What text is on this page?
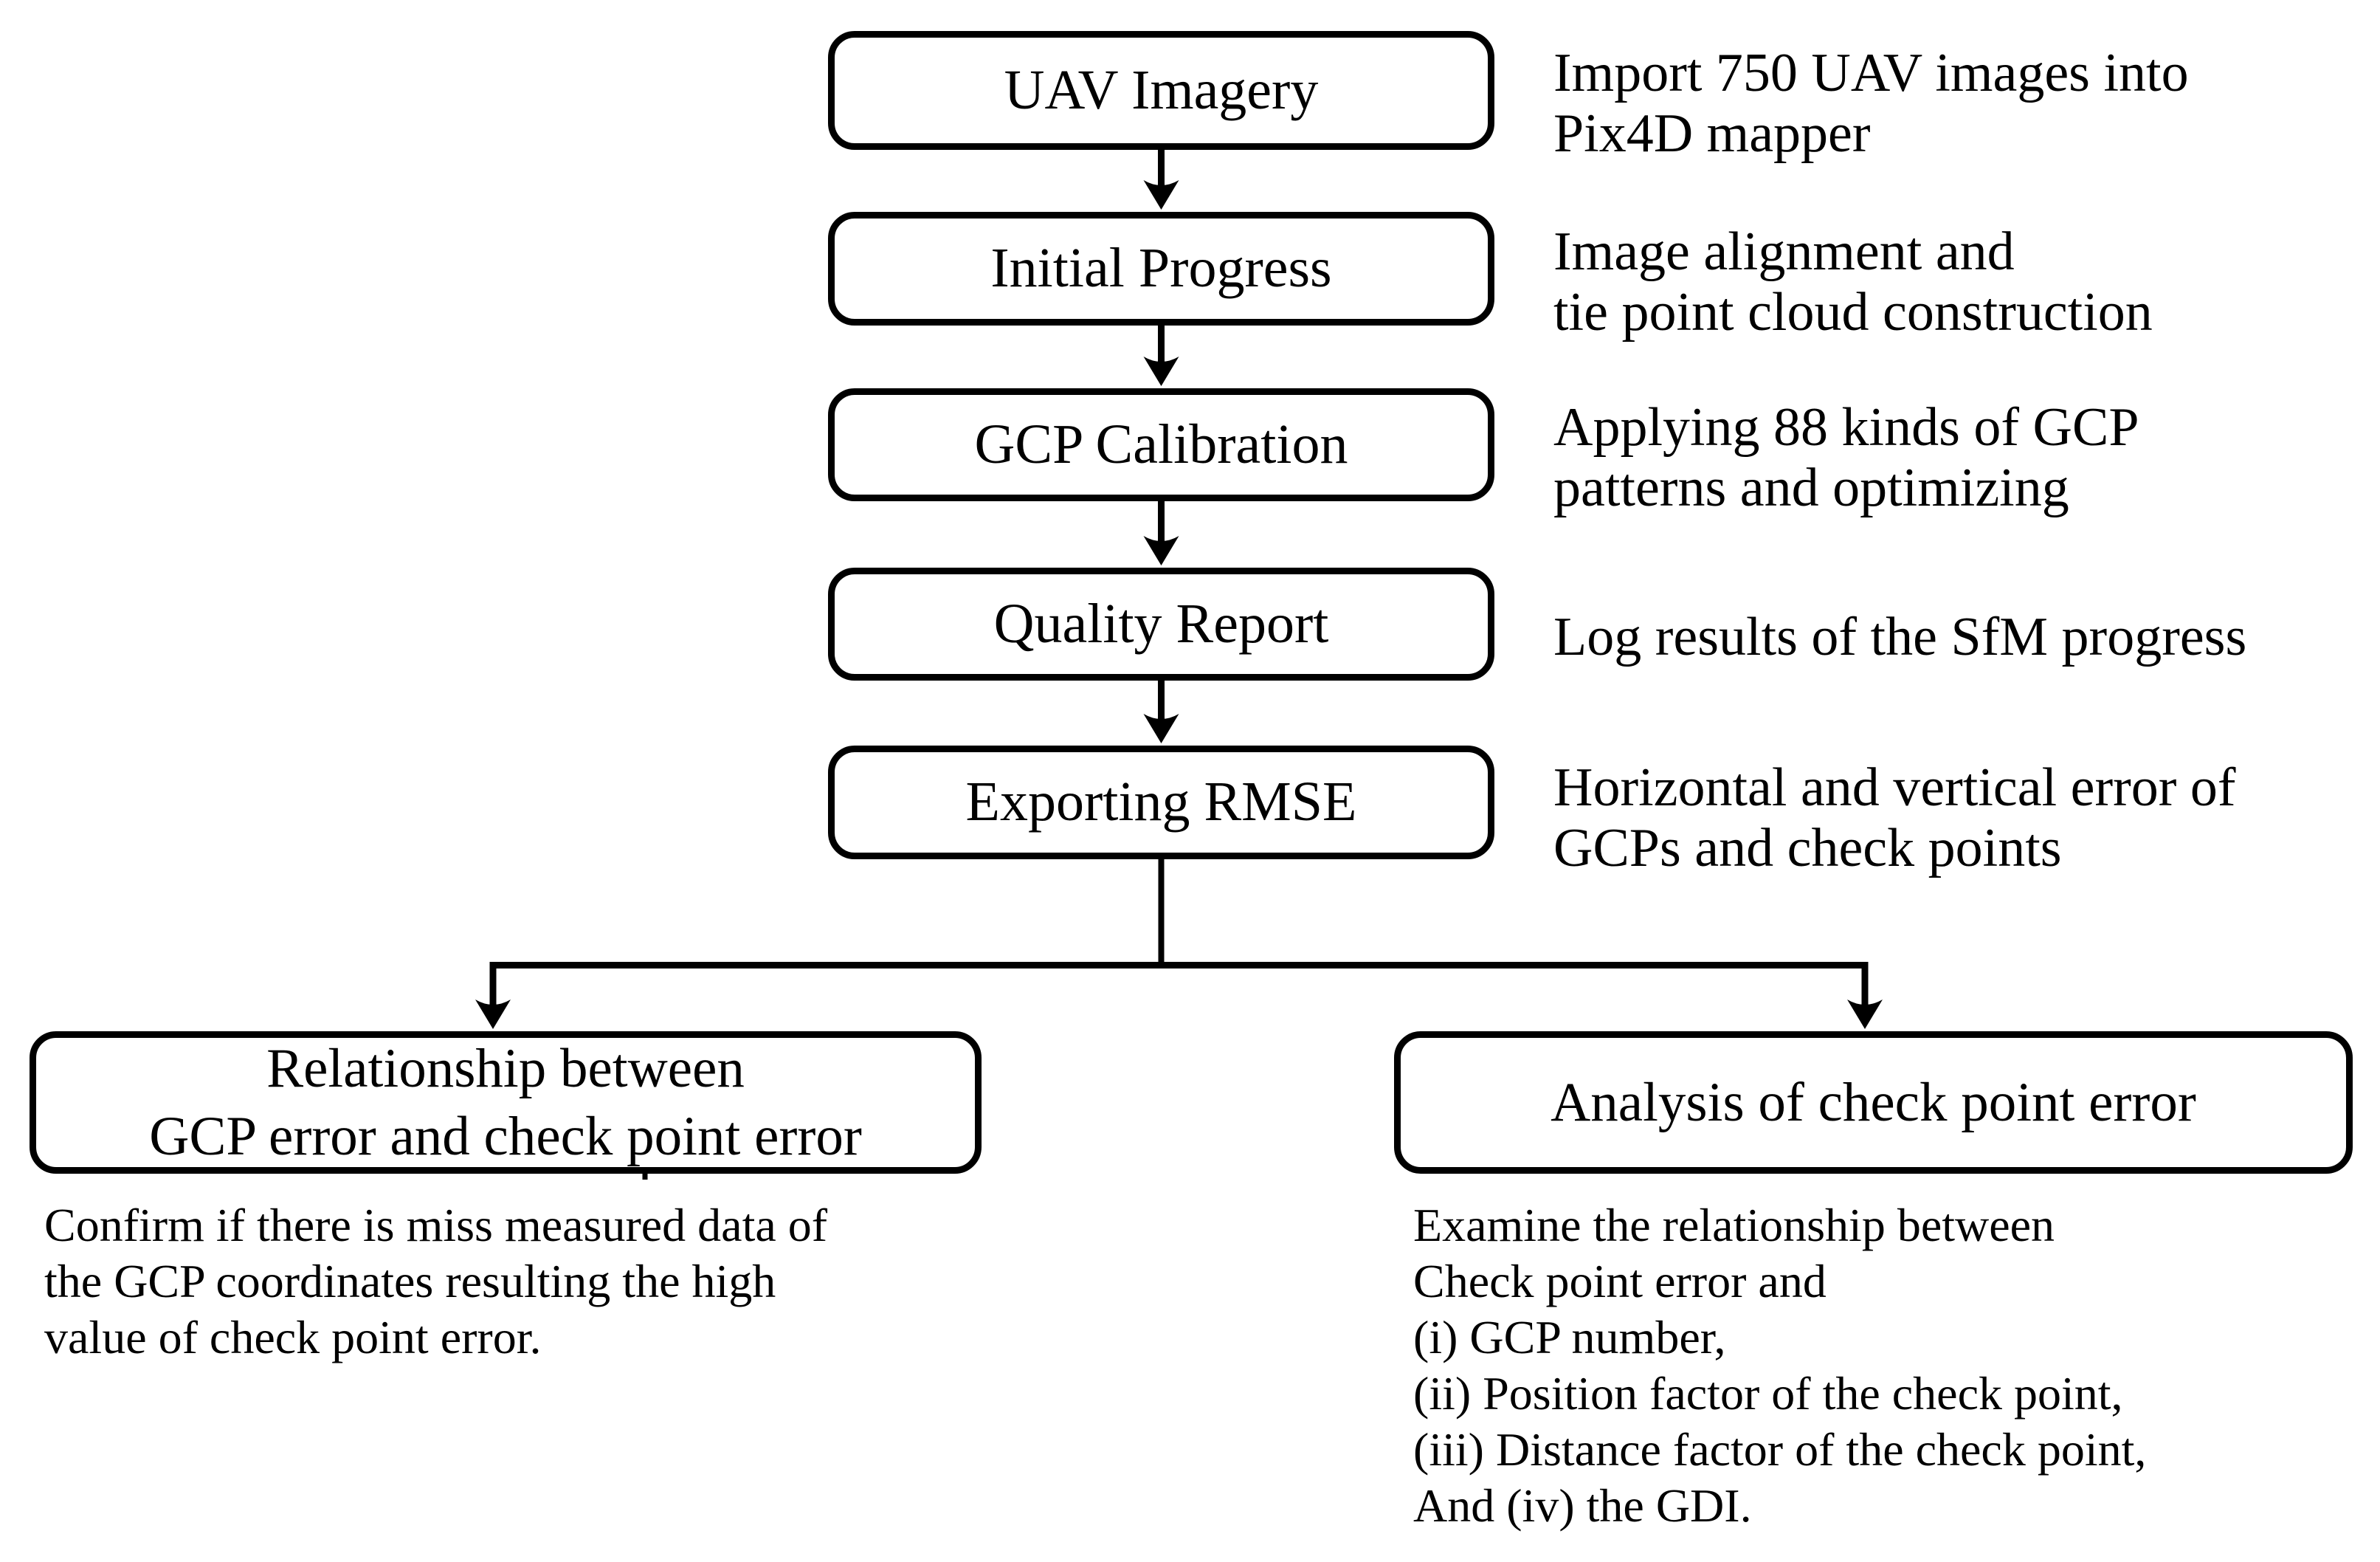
UAV Imagery
Initial Progress
GCP Calibration
Quality Report
Exporting RMSE
Import 750 UAV images into
Pix4D mapper
Image alignment and
tie point cloud construction
Applying 88 kinds of GCP
patterns and optimizing
Log results of the SfM progress
Horizontal and vertical error of
GCPs and check points
Relationship between
GCP error and check point error
Analysis of check point error
Confirm if there is miss measured data of
the GCP coordinates resulting the high
value of check point error.
Examine the relationship between
Check point error and
(i) GCP number,
(ii) Position factor of the check point,
(iii) Distance factor of the check point,
And (iv) the GDI.
